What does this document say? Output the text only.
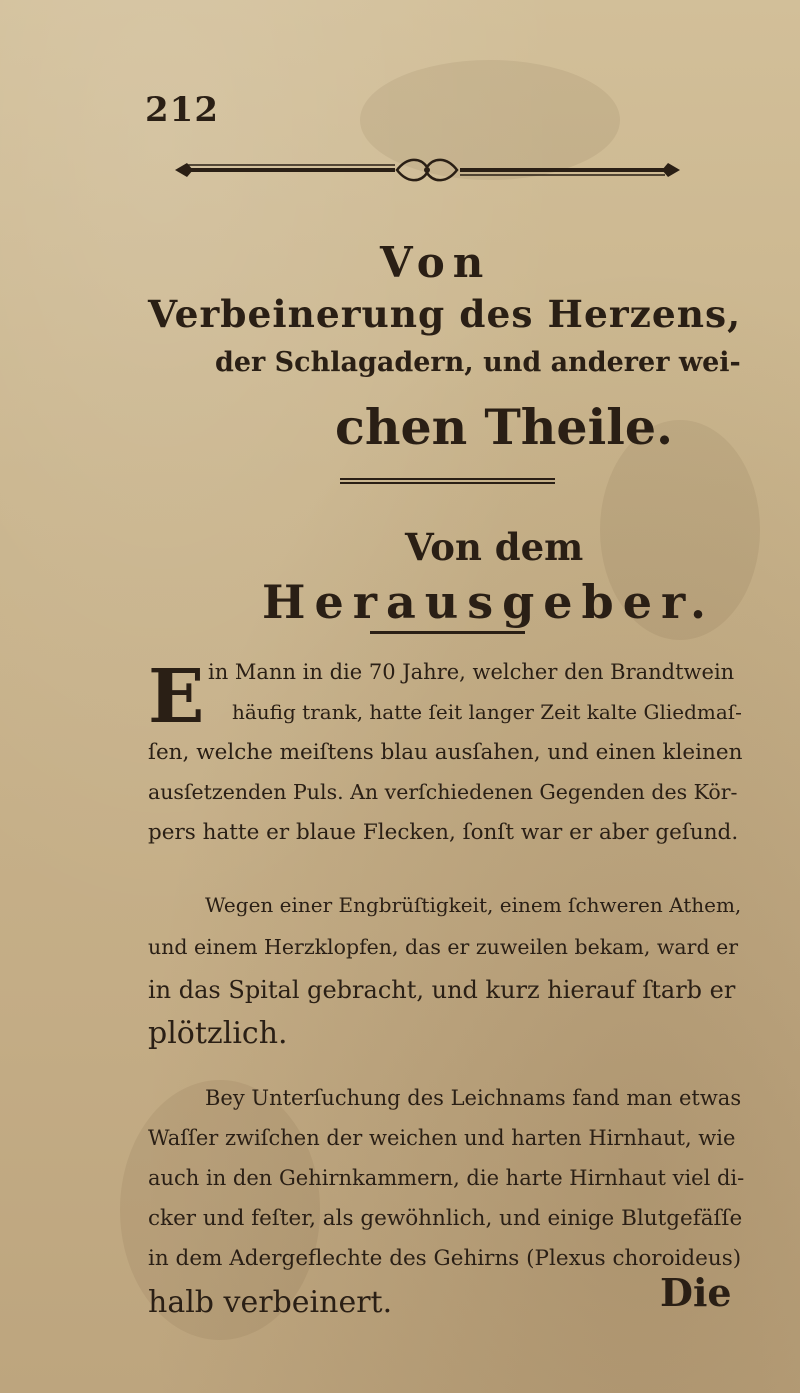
212
Von
Verbeinerung des Herzens,
der Schlagadern, und anderer wei-
chen Theile.
Von dem
Herausgeber.
E in Mann in die 70 Jahre, welcher den Brandtwein
häufig trank, hatte ſeit langer Zeit kalte Gliedmaſ-
ſen, welche meiſtens blau ausſahen, und einen kleinen
ausſetzenden Puls. An verſchiedenen Gegenden des Kör-
pers hatte er blaue Flecken, ſonſt war er aber geſund.
Wegen einer Engbrüſtigkeit, einem ſchweren Athem,
und einem Herzklopfen, das er zuweilen bekam, ward er
in das Spital gebracht, und kurz hierauf ſtarb er
plötzlich.
Bey Unterſuchung des Leichnams fand man etwas
Waſſer zwiſchen der weichen und harten Hirnhaut, wie
auch in den Gehirnkammern, die harte Hirnhaut viel di-
cker und feſter, als gewöhnlich, und einige Blutgefäſſe
in dem Adergeflechte des Gehirns (Plexus choroideus)
halb verbeinert.	Die
